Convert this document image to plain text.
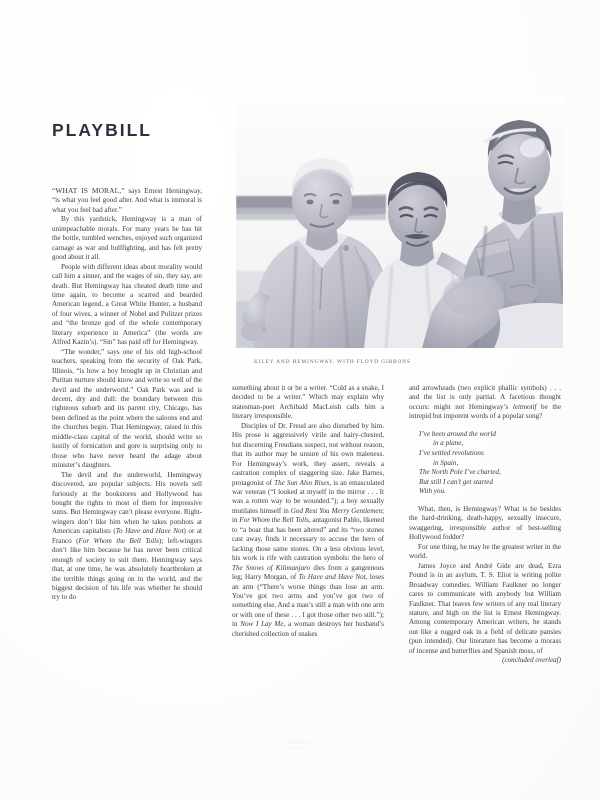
PLAYBILL
KILEY AND HEMINGWAY, WITH FLOYD GIBBONS

“WHAT IS MORAL,” says Ernest Hemingway, “is what you feel good after. And what is immoral is what you feel bad after.”

By this yardstick, Hemingway is a man of unimpeachable morals. For many years he has hit the bottle, tumbled wenches, enjoyed such organized carnage as war and bullfighting, and has felt pretty good about it all.

People with different ideas about morality would call him a sinner, and the wages of sin, they say, are death. But Hemingway has cheated death time and time again, to become a scarred and bearded American legend, a Great White Hunter, a husband of four wives, a winner of Nobel and Pulitzer prizes and “the bronze god of the whole contemporary literary experience in America” (the words are Alfred Kazin’s). “Sin” has paid off for Hemingway.

“The wonder,” says one of his old high-school teachers, speaking from the security of Oak Park, Illinois, “is how a boy brought up in Christian and Puritan nurture should know and write so well of the devil and the underworld.” Oak Park was and is decent, dry and dull: the boundary between this righteous suburb and its parent city, Chicago, has been defined as the point where the saloons end and the churches begin. That Hemingway, raised in this middle-class capital of the world, should write so lustily of fornication and gore is surprising only to those who have never heard the adage about minister’s daughters.

The devil and the underworld, Hemingway discovered, are popular subjects. His novels sell furiously at the bookstores and Hollywood has bought the rights to most of them for impressive sums. But Hemingway can’t please everyone. Right-wingers don’t like him when he takes potshots at American capitalists (To Have and Have Not) or at Franco (For Whom the Bell Tolls); left-wingers don’t like him because he has never been critical enough of society to suit them. Hemingway says that, at one time, he was absolutely heartbroken at the terrible things going on in the world, and the biggest decision of his life was whether he should try to do

something about it or be a writer. “Cold as a snake, I decided to be a writer.” Which may explain why statesman-poet Archibald MacLeish calls him a literary irresponsible.

Disciples of Dr. Freud are also disturbed by him. His prose is aggressively virile and hairy-chested, but discerning Freudians suspect, not without reason, that its author may be unsure of his own maleness. For Hemingway’s work, they assert, reveals a castration complex of staggering size. Jake Barnes, protagonist of The Sun Also Rises, is an emasculated war veteran (“I looked at myself in the mirror . . . It was a rotten way to be wounded.”); a boy sexually mutilates himself in God Rest You Merry Gentlemen; in For Whom the Bell Tolls, antagonist Pablo, likened to “a boar that has been altered” and its “two stones cast away, finds it necessary to accuse the hero of lacking those same stones. On a less obvious level, his work is rife with castration symbols: the hero of The Snows of Kilimanjaro dies from a gangrenous leg; Harry Morgan, of To Have and Have Not, loses an arm (“There’s worse things than lose an arm. You’ve got two arms and you’ve got two of something else. And a man’s still a man with one arm or with one of these . . . I got those other two still.”); in Now I Lay Me, a woman destroys her husband’s cherished collection of snakes

and arrowheads (two explicit phallic symbols) . . . and the list is only partial. A facetious thought occurs: might not Hemingway’s leitmotif be the intrepid but impotent words of a popular song?

I’ve been around the world
in a plane,
I’ve settled revolutions
in Spain,
The North Pole I’ve charted,
But still I can’t get started
With you.

What, then, is Hemingway? What is he besides the hard-drinking, death-happy, sexually insecure, swaggering, irresponsible author of best-selling Hollywood fodder?

For one thing, he may be the greatest writer in the world.

James Joyce and André Gide are dead, Ezra Pound is in an asylum, T. S. Eliot is writing polite Broadway comedies, William Faulkner no longer cares to communicate with anybody but William Faulkner. That leaves few writers of any real literary stature, and high on the list is Ernest Hemingway. Among contemporary American writers, he stands out like a rugged oak in a field of delicate pansies (pun intended). Our literature has become a morass of incense and butterflies and Spanish moss, of

(concluded overleaf)
